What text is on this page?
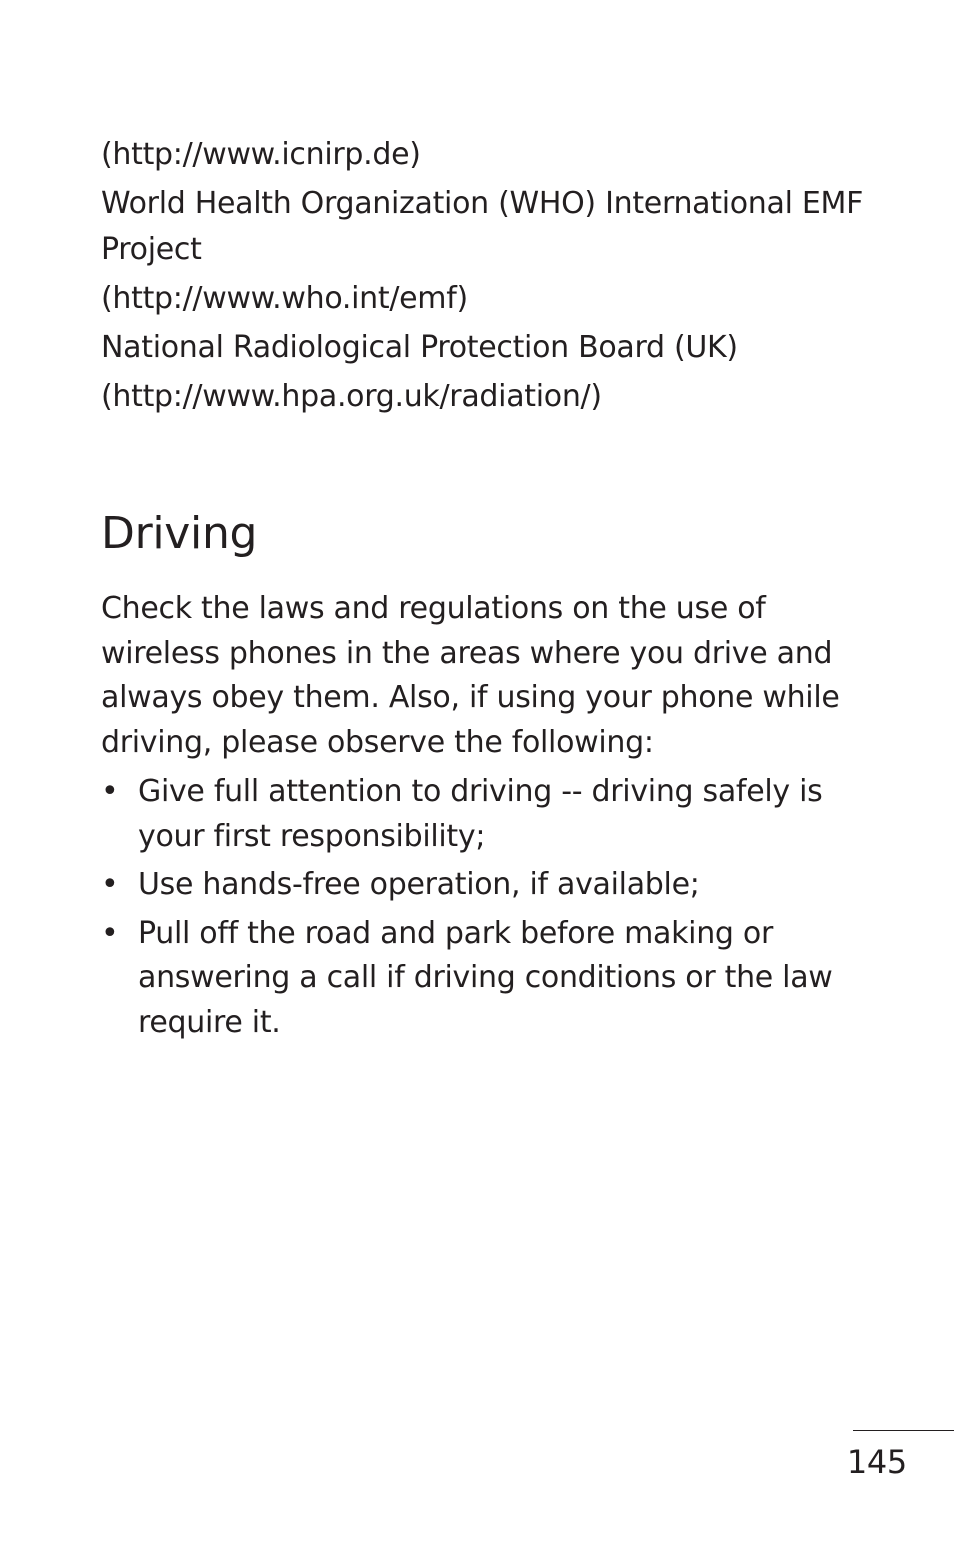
(http://www.icnirp.de)

World Health Organization (WHO) International EMF Project

(http://www.who.int/emf)

National Radiological Protection Board (UK)

(http://www.hpa.org.uk/radiation/)

Driving

Check the laws and regulations on the use of wireless phones in the areas where you drive and always obey them. Also, if using your phone while driving, please observe the following:

• Give full attention to driving -- driving safely is your first responsibility;
• Use hands-free operation, if available;
• Pull off the road and park before making or answering a call if driving conditions or the law require it.
145
